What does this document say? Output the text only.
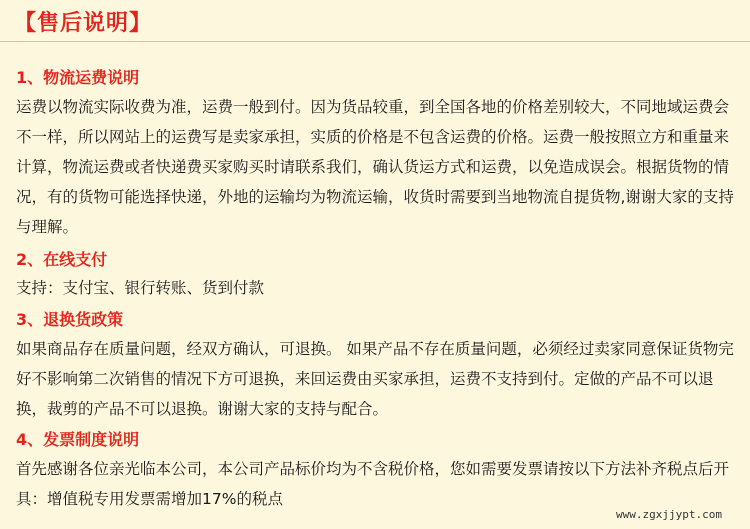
【售后说明】
1、物流运费说明

运费以物流实际收费为准，运费一般到付。因为货品较重，到全国各地的价格差别较大，不同地域运费会不一样，所以网站上的运费写是卖家承担，实质的价格是不包含运费的价格。运费一般按照立方和重量来计算，物流运费或者快递费买家购买时请联系我们，确认货运方式和运费，以免造成误会。根据货物的情况，有的货物可能选择快递，外地的运输均为物流运输，收货时需要到当地物流自提货物,谢谢大家的支持与理解。

2、在线支付

支持：支付宝、银行转账、货到付款

3、退换货政策

如果商品存在质量问题，经双方确认，可退换。 如果产品不存在质量问题，必须经过卖家同意保证货物完好不影响第二次销售的情况下方可退换，来回运费由买家承担，运费不支持到付。定做的产品不可以退换，裁剪的产品不可以退换。谢谢大家的支持与配合。

4、发票制度说明

首先感谢各位亲光临本公司，本公司产品标价均为不含税价格，您如需要发票请按以下方法补齐税点后开具：增值税专用发票需增加17%的税点

www.zgxjjypt.com
